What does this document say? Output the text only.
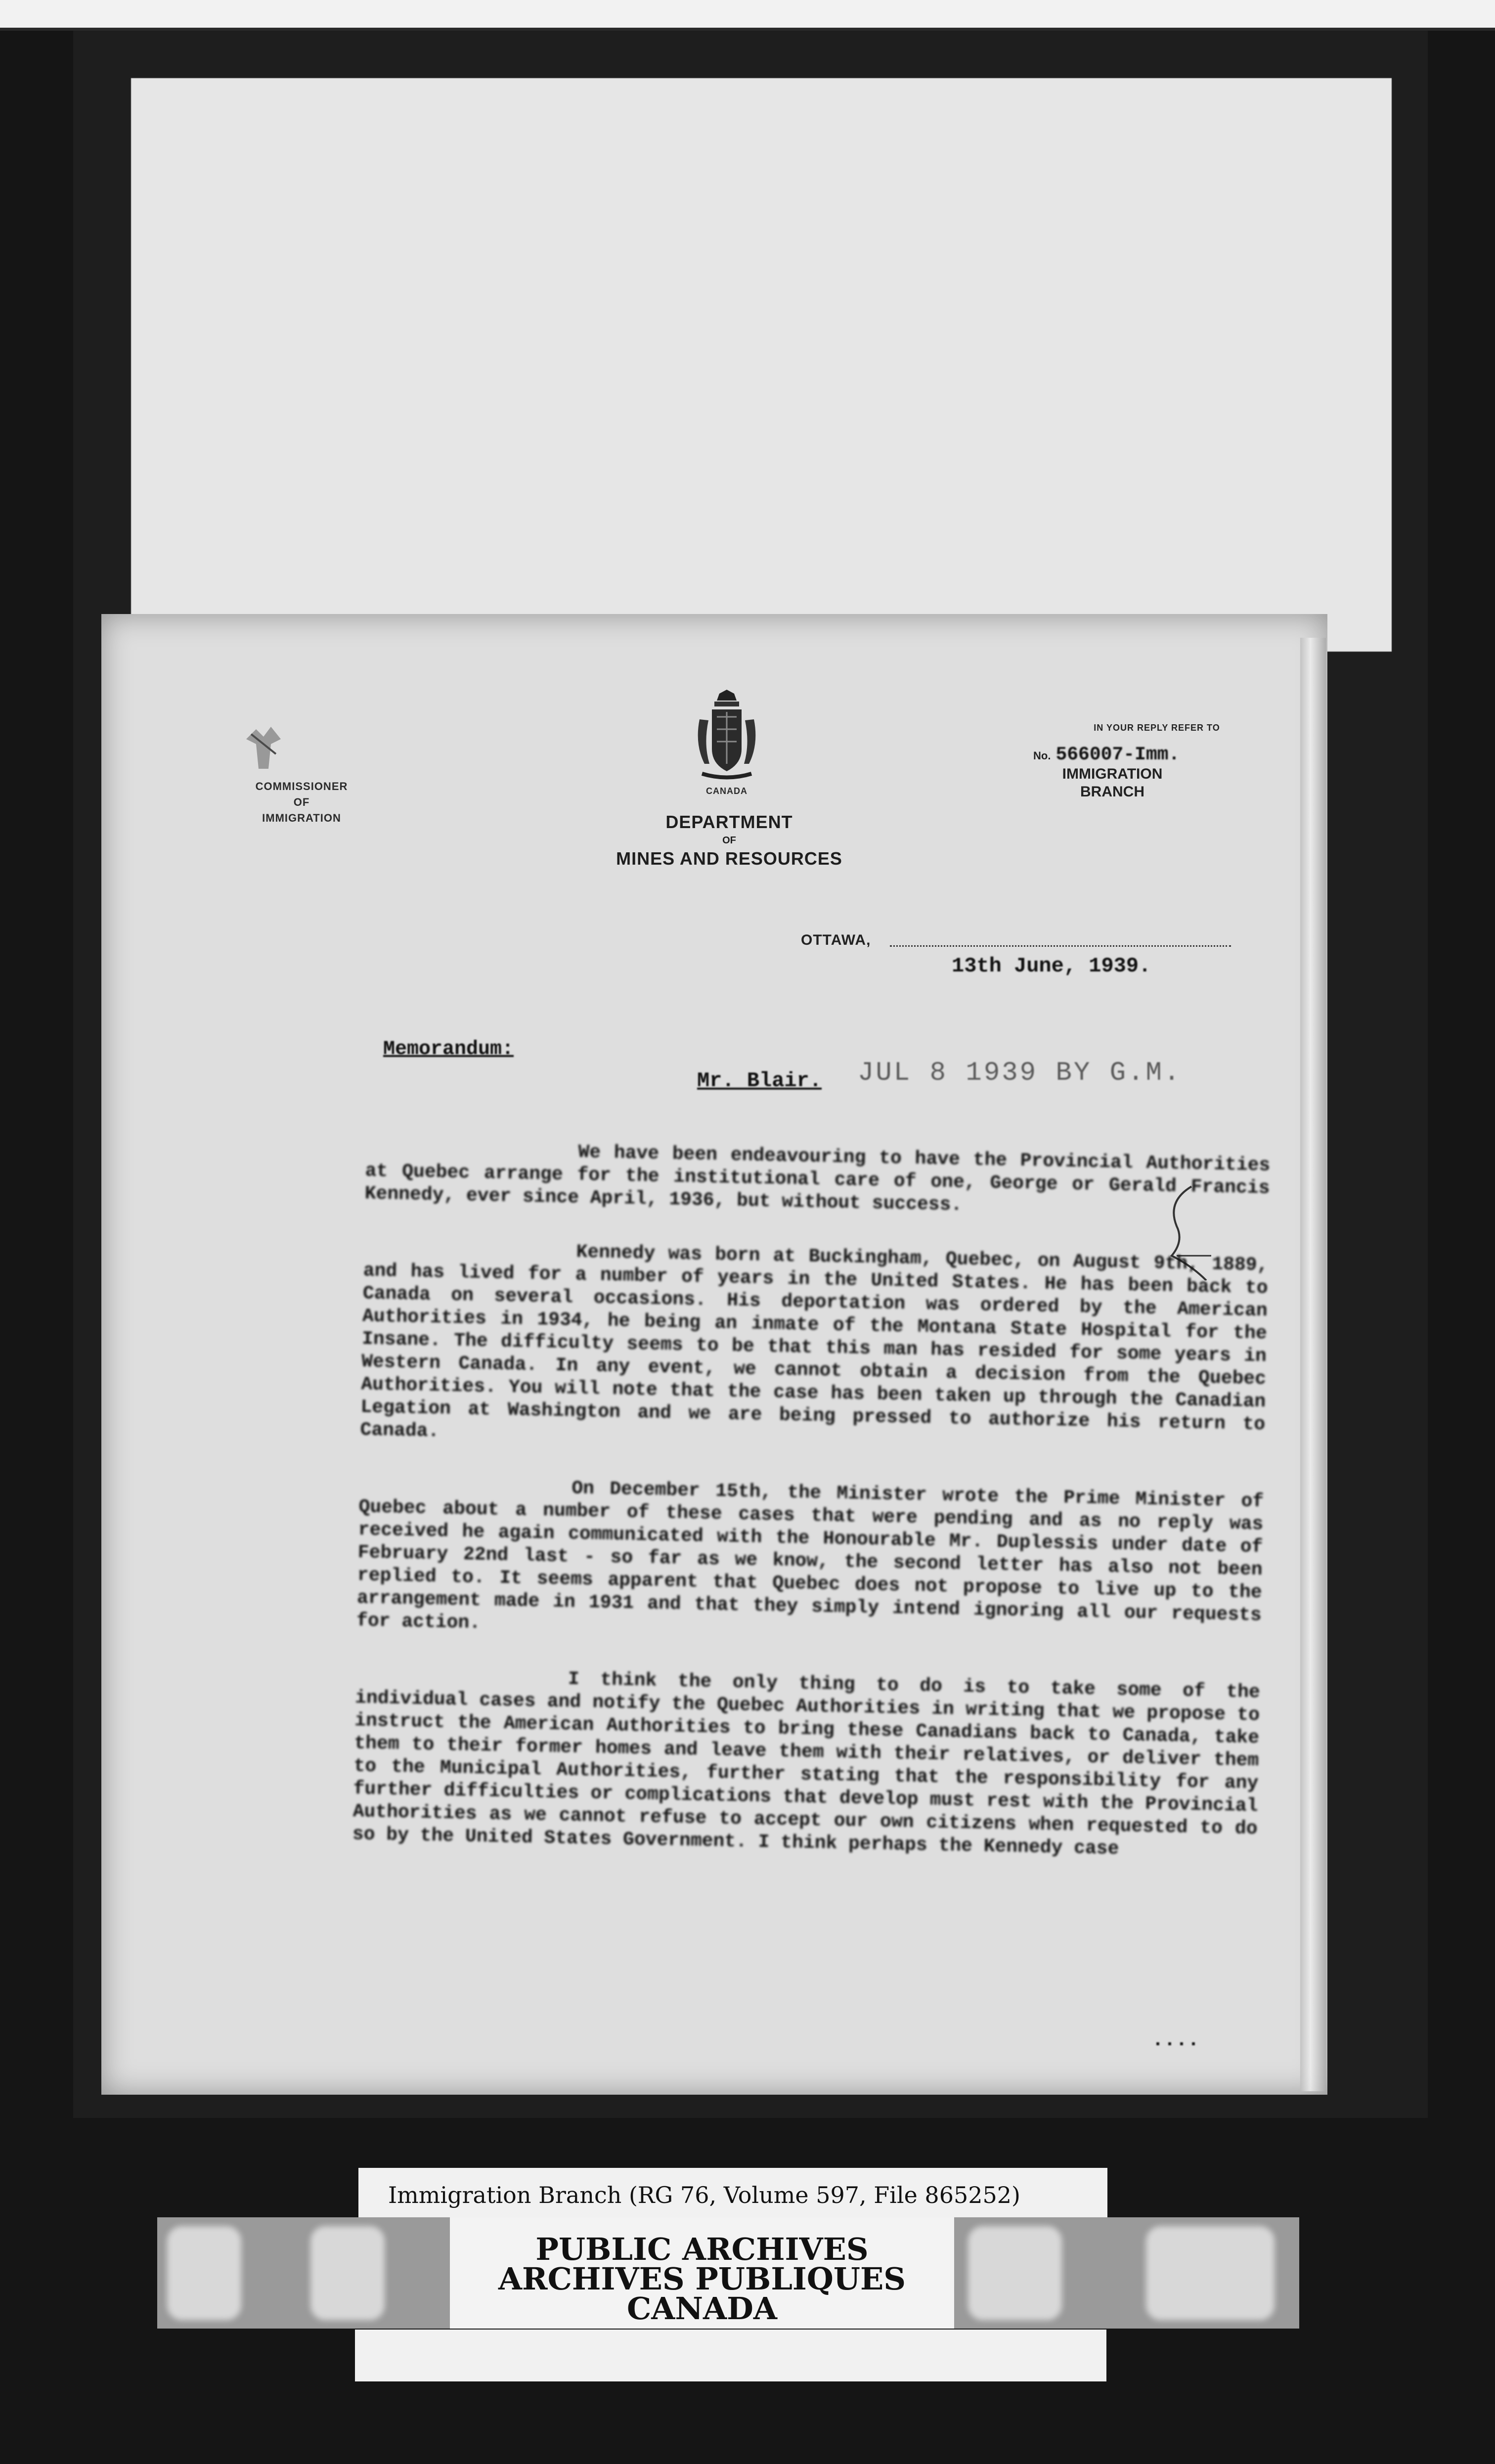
COMMISSIONER
OF
IMMIGRATION
CANADA
DEPARTMENT
OF
MINES AND RESOURCES
IN YOUR REPLY REFER TO
No. 566007-Imm.
IMMIGRATION
BRANCH
OTTAWA,
13th June, 1939.
Memorandum:
Mr. Blair. JUL 8 1939 BY G.M.

We have been endeavouring to have the Provincial Authorities at Quebec arrange for the institutional care of one, George or Gerald Francis Kennedy, ever since April, 1936, but without success.

Kennedy was born at Buckingham, Quebec, on August 9th, 1889, and has lived for a number of years in the United States. He has been back to Canada on several occasions. His deportation was ordered by the American Authorities in 1934, he being an inmate of the Montana State Hospital for the Insane. The difficulty seems to be that this man has resided for some years in Western Canada. In any event, we cannot obtain a decision from the Quebec Authorities. You will note that the case has been taken up through the Canadian Legation at Washington and we are being pressed to authorize his return to Canada.

On December 15th, the Minister wrote the Prime Minister of Quebec about a number of these cases that were pending and as no reply was received he again communicated with the Honourable Mr. Duplessis under date of February 22nd last - so far as we know, the second letter has also not been replied to. It seems apparent that Quebec does not propose to live up to the arrangement made in 1931 and that they simply intend ignoring all our requests for action.

I think the only thing to do is to take some of the individual cases and notify the Quebec Authorities in writing that we propose to instruct the American Authorities to bring these Canadians back to Canada, take them to their former homes and leave them with their relatives, or deliver them to the Municipal Authorities, further stating that the responsibility for any further difficulties or complications that develop must rest with the Provincial Authorities as we cannot refuse to accept our own citizens when requested to do so by the United States Government. I think perhaps the Kennedy case

....
Immigration Branch (RG 76, Volume 597, File 865252)
PUBLIC ARCHIVES
ARCHIVES PUBLIQUES
CANADA
